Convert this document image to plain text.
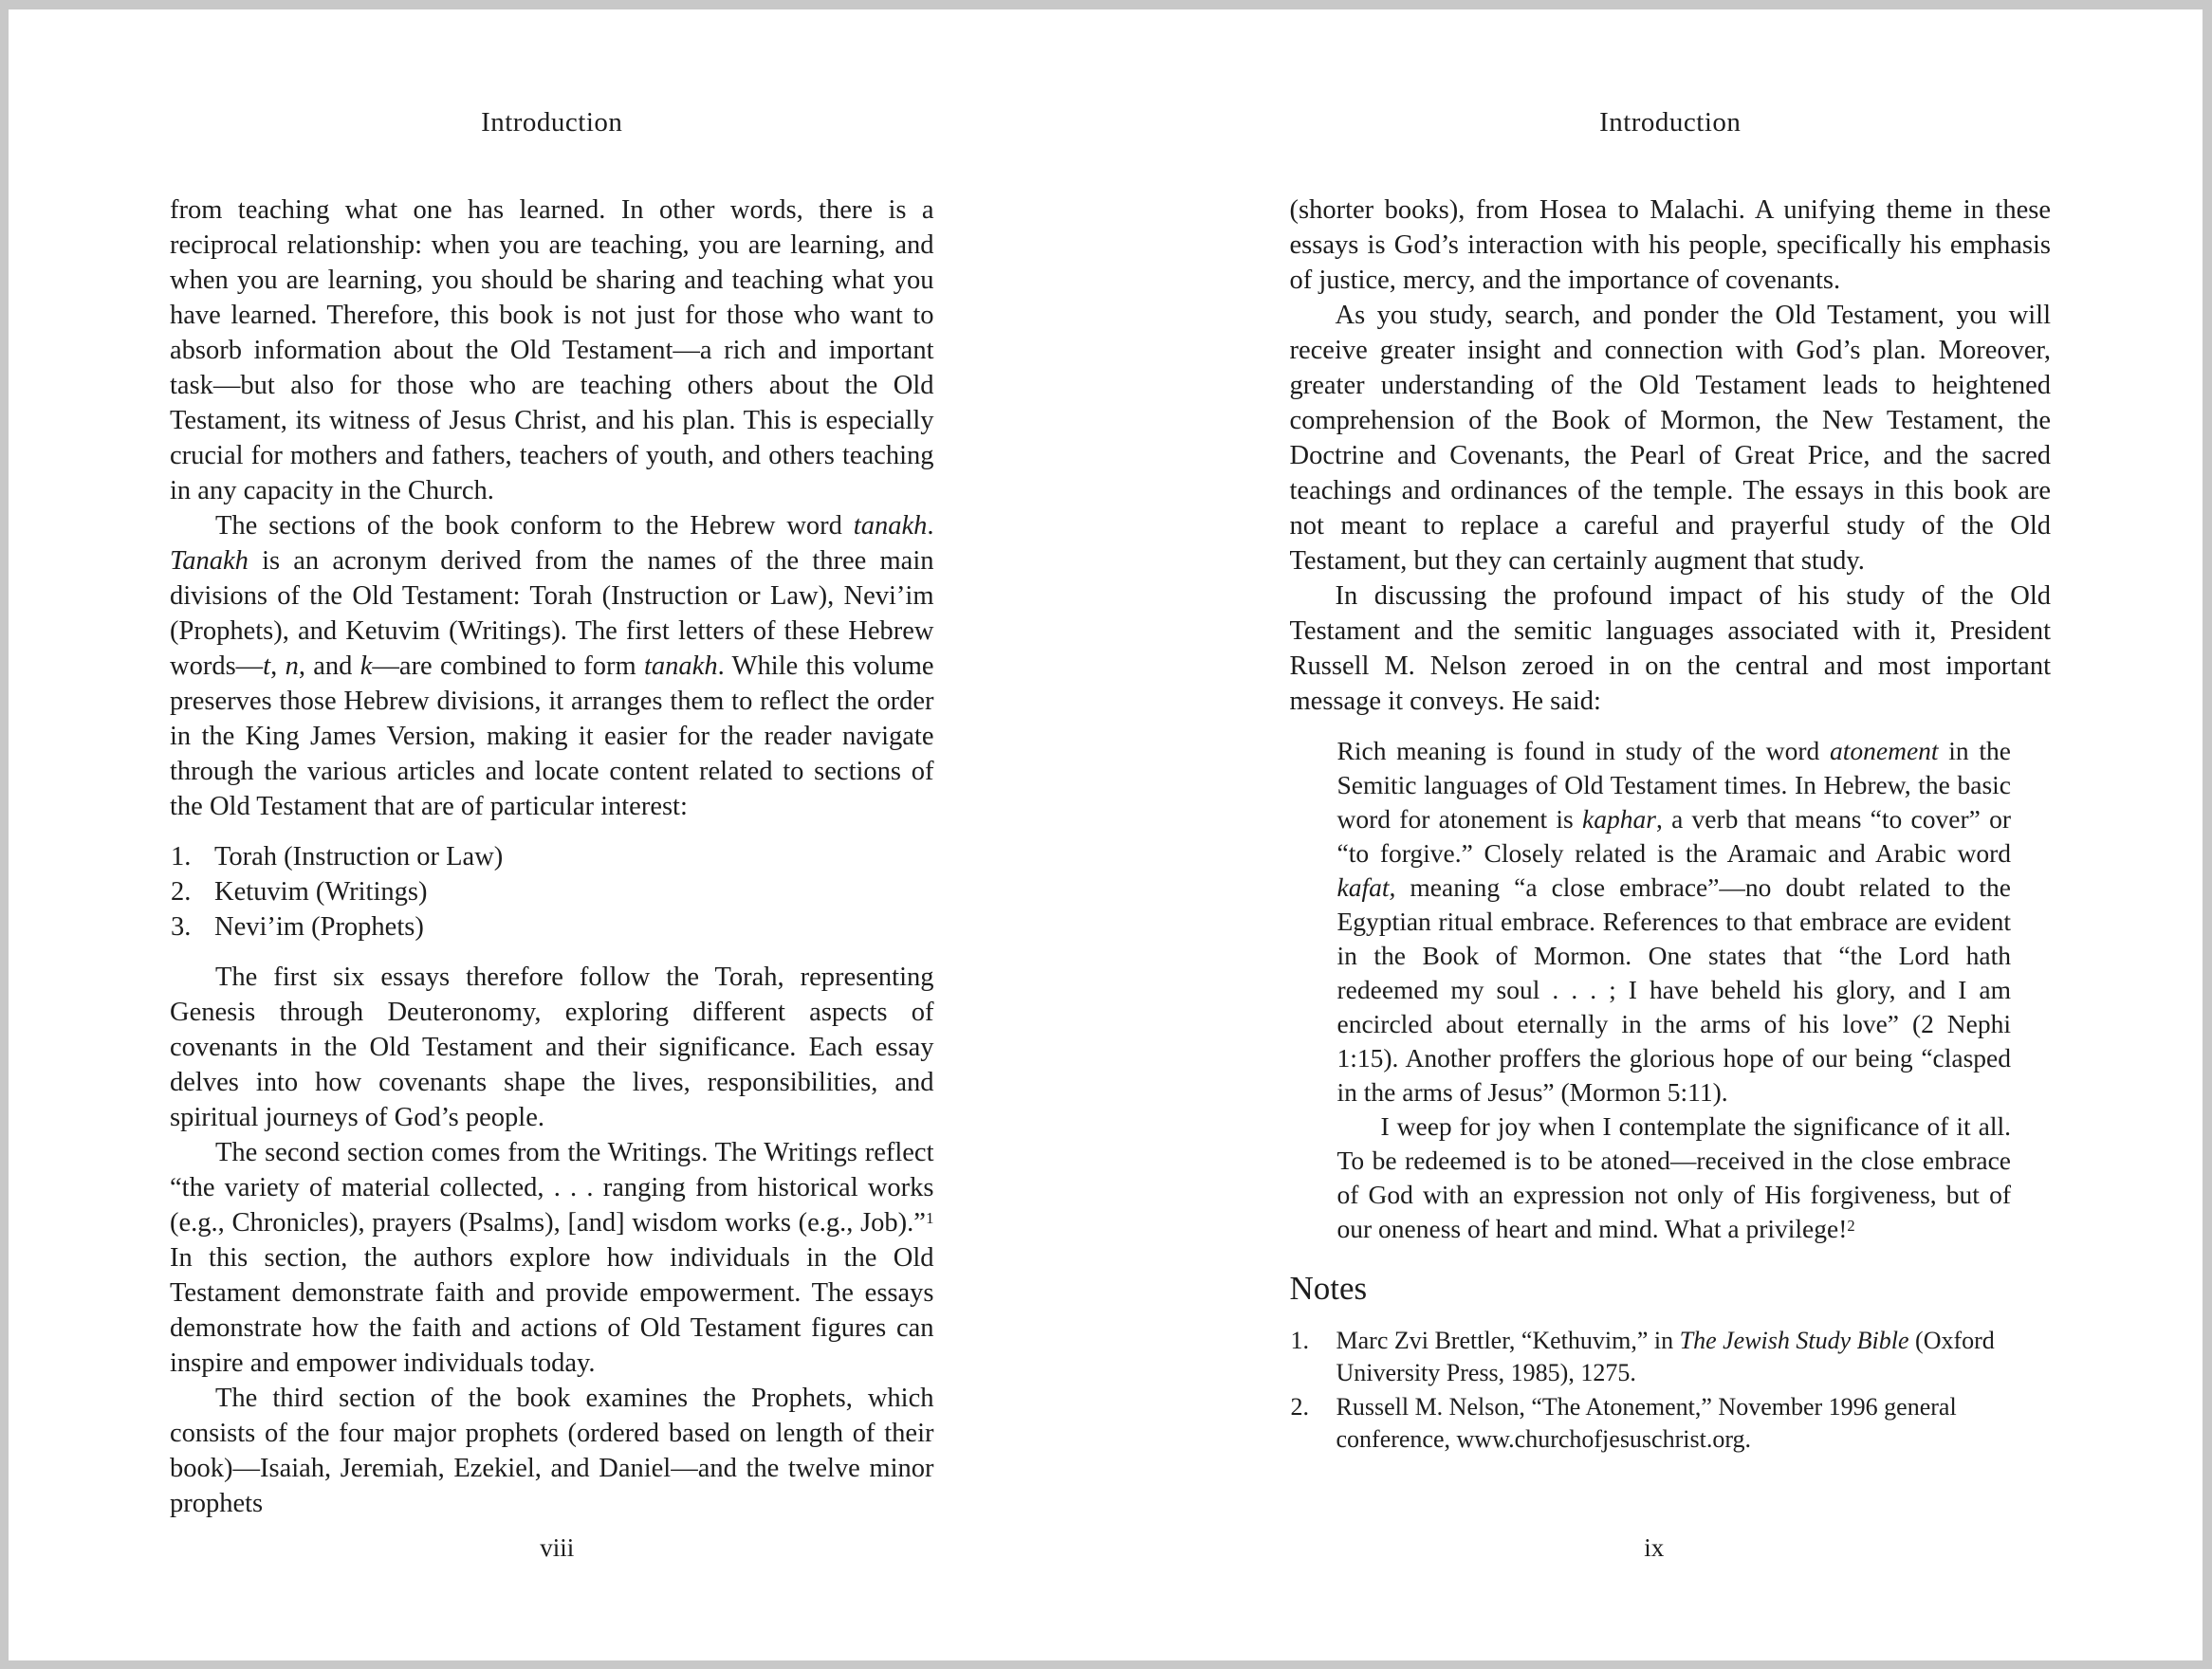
Introduction
from teaching what one has learned. In other words, there is a reciprocal relationship: when you are teaching, you are learning, and when you are learning, you should be sharing and teaching what you have learned. Therefore, this book is not just for those who want to absorb information about the Old Testament—a rich and important task—but also for those who are teaching others about the Old Testament, its witness of Jesus Christ, and his plan. This is especially crucial for mothers and fathers, teachers of youth, and others teaching in any capacity in the Church.
The sections of the book conform to the Hebrew word tanakh. Tanakh is an acronym derived from the names of the three main divisions of the Old Testament: Torah (Instruction or Law), Nevi’im (Prophets), and Ketuvim (Writings). The first letters of these Hebrew words—t, n, and k—are combined to form tanakh. While this volume preserves those Hebrew divisions, it arranges them to reflect the order in the King James Version, making it easier for the reader navigate through the various articles and locate content related to sections of the Old Testament that are of particular interest:
1. Torah (Instruction or Law)
2. Ketuvim (Writings)
3. Nevi’im (Prophets)
The first six essays therefore follow the Torah, representing Genesis through Deuteronomy, exploring different aspects of covenants in the Old Testament and their significance. Each essay delves into how covenants shape the lives, responsibilities, and spiritual journeys of God’s people.
The second section comes from the Writings. The Writings reflect “the variety of material collected, . . . ranging from historical works (e.g., Chronicles), prayers (Psalms), [and] wisdom works (e.g., Job).”$^1$ In this section, the authors explore how individuals in the Old Testament demonstrate faith and provide empowerment. The essays demonstrate how the faith and actions of Old Testament figures can inspire and empower individuals today.
The third section of the book examines the Prophets, which consists of the four major prophets (ordered based on length of their book)—Isaiah, Jeremiah, Ezekiel, and Daniel—and the twelve minor prophets
viii
Introduction
(shorter books), from Hosea to Malachi. A unifying theme in these essays is God’s interaction with his people, specifically his emphasis of justice, mercy, and the importance of covenants.
As you study, search, and ponder the Old Testament, you will receive greater insight and connection with God’s plan. Moreover, greater understanding of the Old Testament leads to heightened comprehension of the Book of Mormon, the New Testament, the Doctrine and Covenants, the Pearl of Great Price, and the sacred teachings and ordinances of the temple. The essays in this book are not meant to replace a careful and prayerful study of the Old Testament, but they can certainly augment that study.
In discussing the profound impact of his study of the Old Testament and the semitic languages associated with it, President Russell M. Nelson zeroed in on the central and most important message it conveys. He said:
Rich meaning is found in study of the word atonement in the Semitic languages of Old Testament times. In Hebrew, the basic word for atonement is kaphar, a verb that means “to cover” or “to forgive.” Closely related is the Aramaic and Arabic word kafat, meaning “a close embrace”—no doubt related to the Egyptian ritual embrace. References to that embrace are evident in the Book of Mormon. One states that “the Lord hath redeemed my soul . . . ; I have beheld his glory, and I am encircled about eternally in the arms of his love” (2 Nephi 1:15). Another proffers the glorious hope of our being “clasped in the arms of Jesus” (Mormon 5:11).
I weep for joy when I contemplate the significance of it all. To be redeemed is to be atoned—received in the close embrace of God with an expression not only of His forgiveness, but of our oneness of heart and mind. What a privilege!$^2$
Notes
1. Marc Zvi Brettler, “Kethuvim,” in The Jewish Study Bible (Oxford University Press, 1985), 1275.
2. Russell M. Nelson, “The Atonement,” November 1996 general conference, www.churchofjesuschrist.org.
ix
